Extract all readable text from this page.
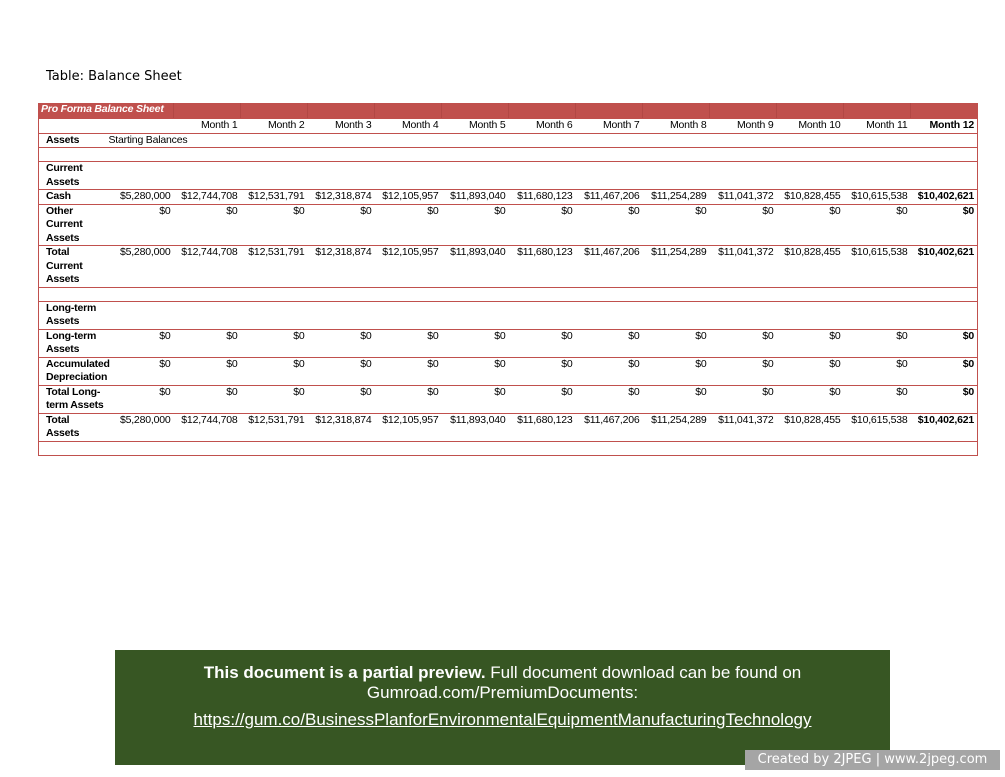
Table: Balance Sheet
Pro Forma Balance Sheet													
		Month 1	Month 2	Month 3	Month 4	Month 5	Month 6	Month 7	Month 8	Month 9	Month 10	Month 11	Month 12
Assets	Starting Balances												

Current Assets													
Cash	$5,280,000	$12,744,708	$12,531,791	$12,318,874	$12,105,957	$11,893,040	$11,680,123	$11,467,206	$11,254,289	$11,041,372	$10,828,455	$10,615,538	$10,402,621
Other Current Assets	$0	$0	$0	$0	$0	$0	$0	$0	$0	$0	$0	$0	$0
Total Current Assets	$5,280,000	$12,744,708	$12,531,791	$12,318,874	$12,105,957	$11,893,040	$11,680,123	$11,467,206	$11,254,289	$11,041,372	$10,828,455	$10,615,538	$10,402,621

Long-term Assets													
Long-term Assets	$0	$0	$0	$0	$0	$0	$0	$0	$0	$0	$0	$0	$0
Accumulated Depreciation	$0	$0	$0	$0	$0	$0	$0	$0	$0	$0	$0	$0	$0
Total Long-term Assets	$0	$0	$0	$0	$0	$0	$0	$0	$0	$0	$0	$0	$0
Total Assets	$5,280,000	$12,744,708	$12,531,791	$12,318,874	$12,105,957	$11,893,040	$11,680,123	$11,467,206	$11,254,289	$11,041,372	$10,828,455	$10,615,538	$10,402,621

This document is a partial preview. Full document download can be found on Gumroad.com/PremiumDocuments:
https://gum.co/BusinessPlanforEnvironmentalEquipmentManufacturingTechnology
Created by 2JPEG | www.2jpeg.com
